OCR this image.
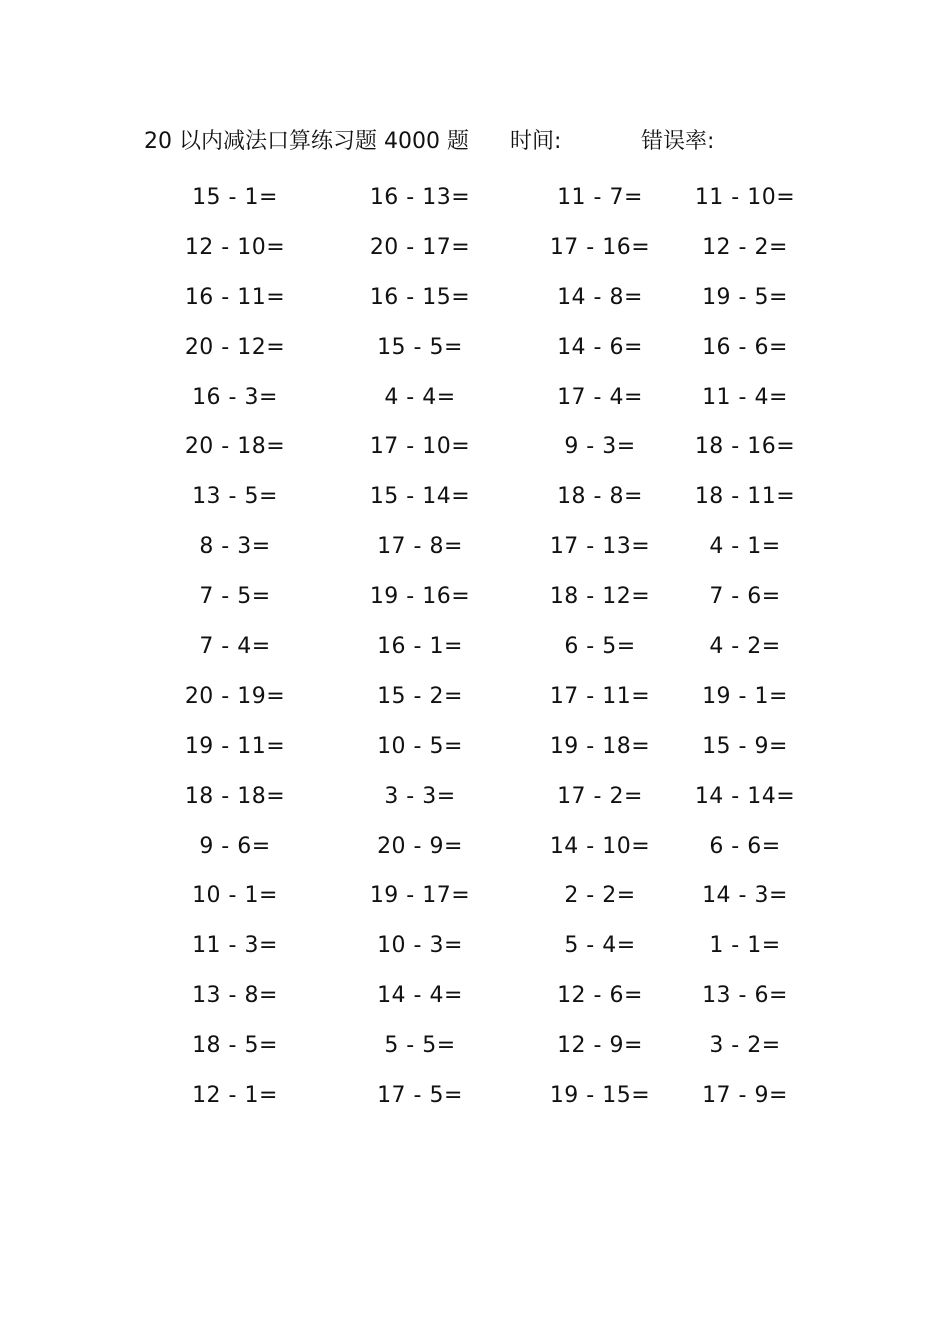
20 以内减法口算练习题 4000 题 时间:	错误率:
15 - 1=	16 - 13=	11 - 7=	11 - 10=
12 - 10=	20 - 17=	17 - 16=	12 - 2=
16 - 11=	16 - 15=	14 - 8=	19 - 5=
20 - 12=	15 - 5=	14 - 6=	16 - 6=
16 - 3=	4 - 4=	17 - 4=	11 - 4=
20 - 18=	17 - 10=	9 - 3=	18 - 16=
13 - 5=	15 - 14=	18 - 8=	18 - 11=
8 - 3=	17 - 8=	17 - 13=	4 - 1=
7 - 5=	19 - 16=	18 - 12=	7 - 6=
7 - 4=	16 - 1=	6 - 5=	4 - 2=
20 - 19=	15 - 2=	17 - 11=	19 - 1=
19 - 11=	10 - 5=	19 - 18=	15 - 9=
18 - 18=	3 - 3=	17 - 2=	14 - 14=
9 - 6=	20 - 9=	14 - 10=	6 - 6=
10 - 1=	19 - 17=	2 - 2=	14 - 3=
11 - 3=	10 - 3=	5 - 4=	1 - 1=
13 - 8=	14 - 4=	12 - 6=	13 - 6=
18 - 5=	5 - 5=	12 - 9=	3 - 2=
12 - 1=	17 - 5=	19 - 15=	17 - 9=
